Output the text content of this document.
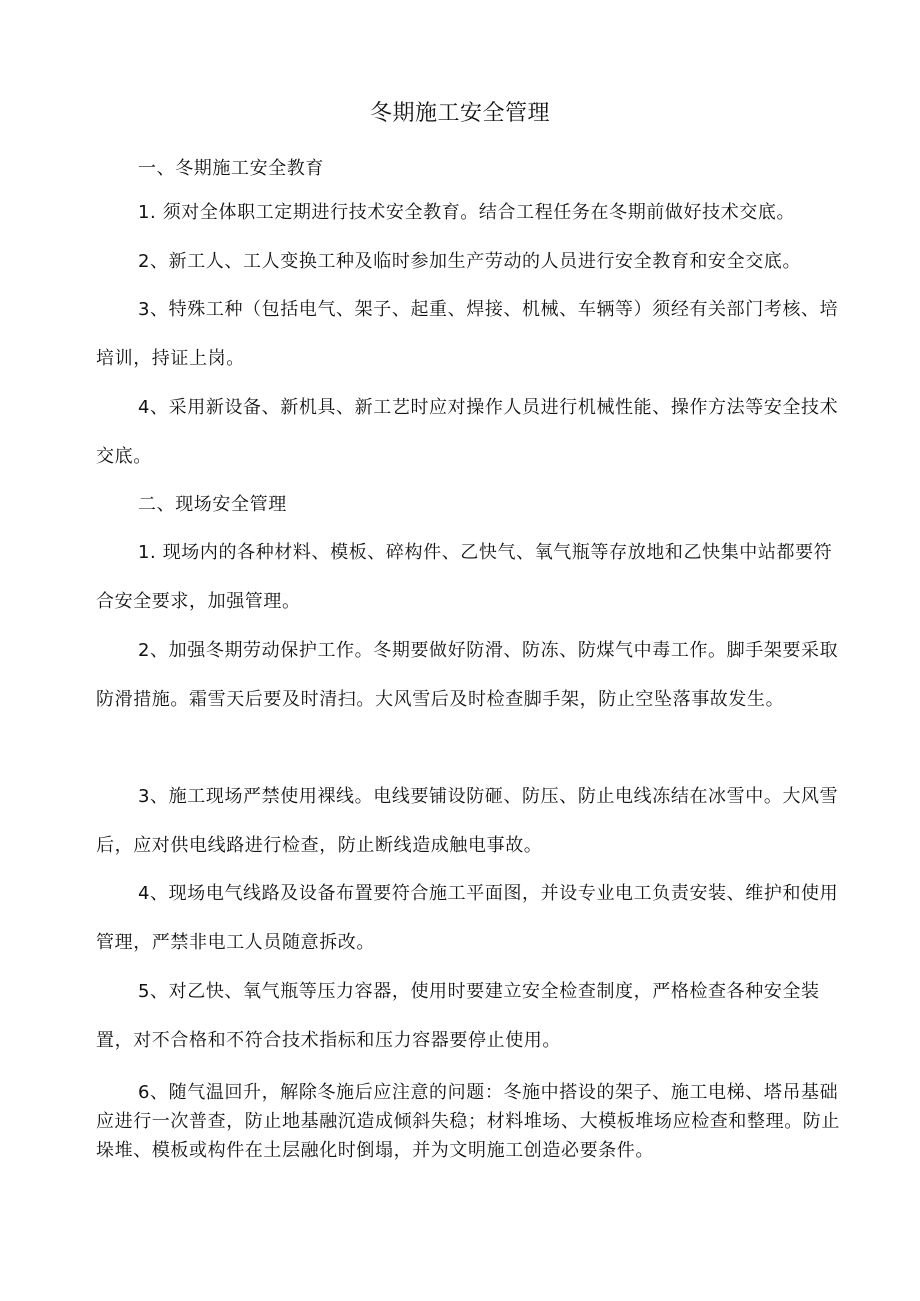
冬期施工安全管理

一、冬期施工安全教育

1. 须对全体职工定期进行技术安全教育。结合工程任务在冬期前做好技术交底。

2、新工人、工人变换工种及临时参加生产劳动的人员进行安全教育和安全交底。

3、特殊工种（包括电气、架子、起重、焊接、机械、车辆等）须经有关部门考核、培培训，持证上岗。

4、采用新设备、新机具、新工艺时应对操作人员进行机械性能、操作方法等安全技术交底。

二、现场安全管理

1. 现场内的各种材料、模板、碎构件、乙快气、氧气瓶等存放地和乙快集中站都要符合安全要求，加强管理。

2、加强冬期劳动保护工作。冬期要做好防滑、防冻、防煤气中毒工作。脚手架要采取防滑措施。霜雪天后要及时清扫。大风雪后及时检查脚手架，防止空坠落事故发生。

3、施工现场严禁使用裸线。电线要铺设防砸、防压、防止电线冻结在冰雪中。大风雪后，应对供电线路进行检查，防止断线造成触电事故。

4、现场电气线路及设备布置要符合施工平面图，并设专业电工负责安装、维护和使用管理，严禁非电工人员随意拆改。

5、对乙快、氧气瓶等压力容器，使用时要建立安全检查制度，严格检查各种安全装置，对不合格和不符合技术指标和压力容器要停止使用。

6、随气温回升，解除冬施后应注意的问题：冬施中搭设的架子、施工电梯、塔吊基础应进行一次普查，防止地基融沉造成倾斜失稳；材料堆场、大模板堆场应检查和整理。防止垛堆、模板或构件在土层融化时倒塌，并为文明施工创造必要条件。
